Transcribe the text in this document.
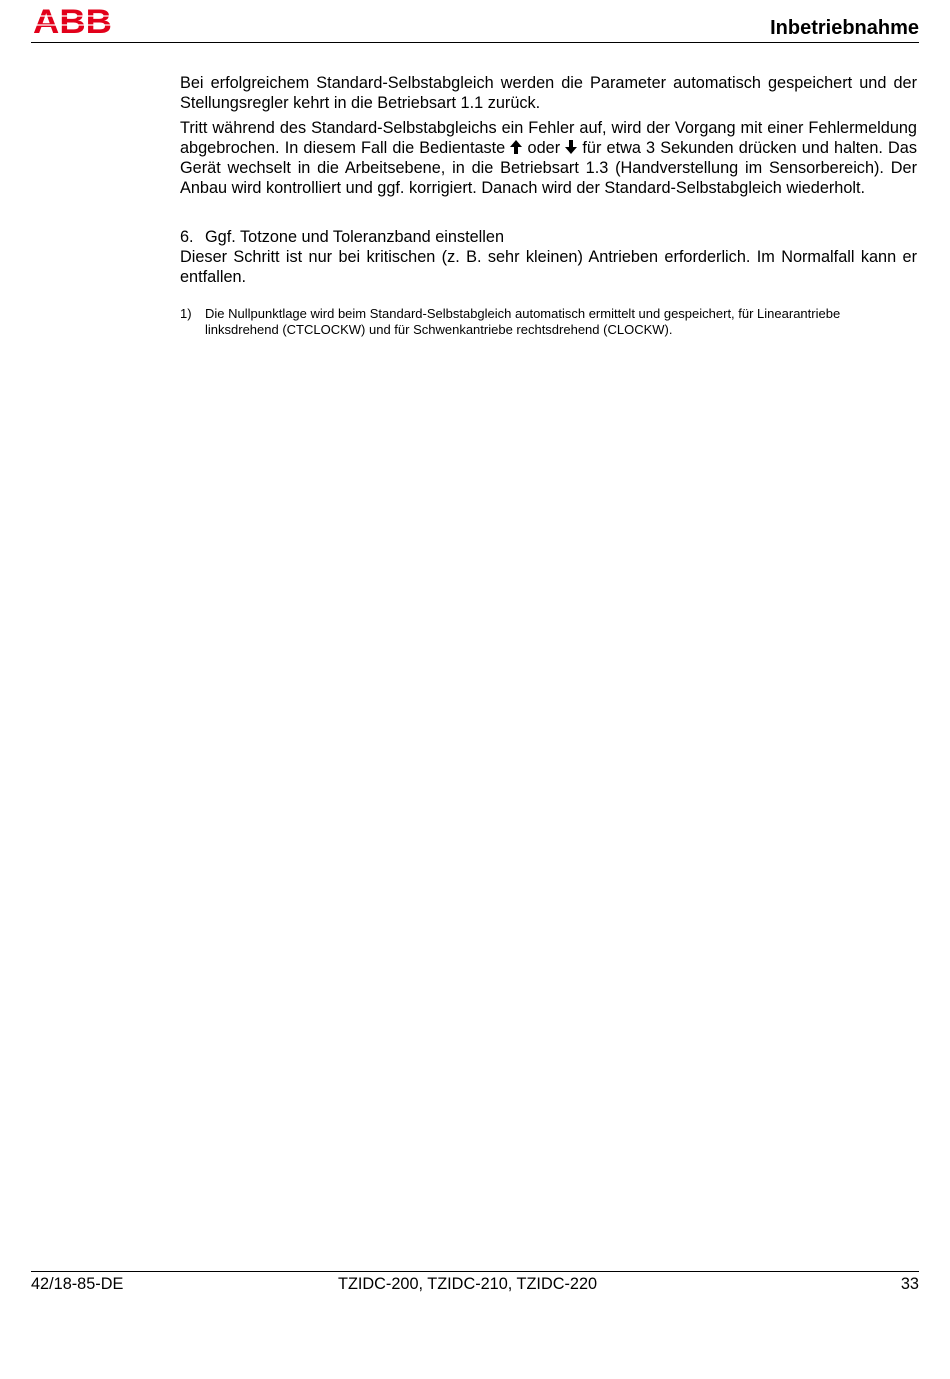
ABB	Inbetriebnahme

Bei erfolgreichem Standard-Selbstabgleich werden die Parameter automatisch gespeichert und der Stellungsregler kehrt in die Betriebsart 1.1 zurück.

Tritt während des Standard-Selbstabgleichs ein Fehler auf, wird der Vorgang mit einer Fehlermeldung abgebrochen. In diesem Fall die Bedientaste oder für etwa 3 Sekunden drücken und halten. Das Gerät wechselt in die Arbeitsebene, in die Betriebsart 1.3 (Handverstellung im Sensorbereich). Der Anbau wird kontrolliert und ggf. korrigiert. Danach wird der Standard-Selbstabgleich wiederholt.

6. Ggf. Totzone und Toleranzband einstellen

Dieser Schritt ist nur bei kritischen (z. B. sehr kleinen) Antrieben erforderlich. Im Normalfall kann er entfallen.

1)	Die Nullpunktlage wird beim Standard-Selbstabgleich automatisch ermittelt und gespeichert, für Linearantriebe linksdrehend (CTCLOCKW) und für Schwenkantriebe rechtsdrehend (CLOCKW).
42/18-85-DE	TZIDC-200, TZIDC-210, TZIDC-220	33
